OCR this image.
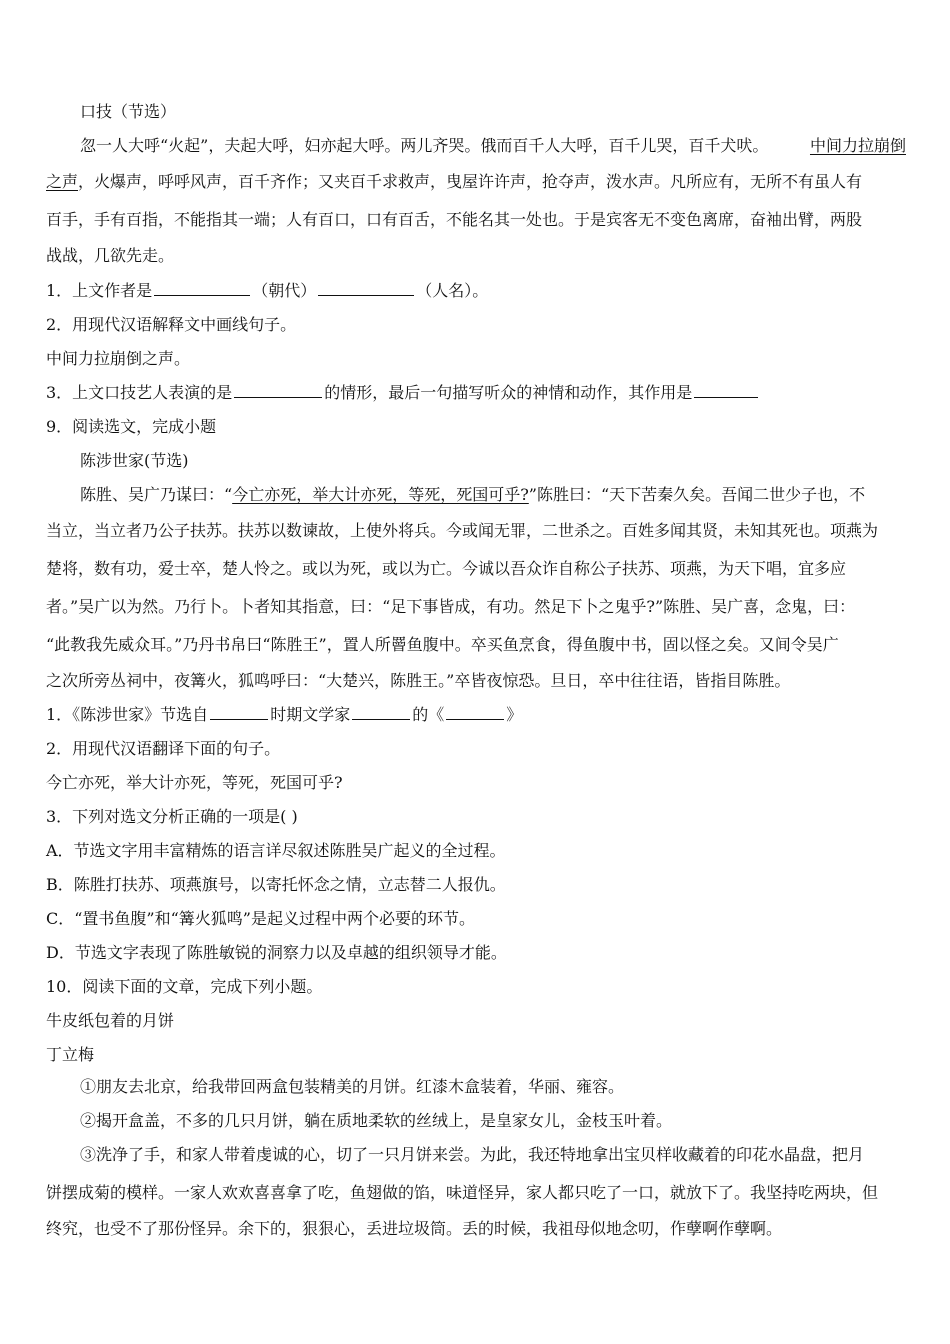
口技（节选）
忽一人大呼“火起”，夫起大呼，妇亦起大呼。两儿齐哭。俄而百千人大呼，百千儿哭，百千犬吠。	中间力拉崩倒
之声，火爆声，呼呼风声，百千齐作；又夹百千求救声，曳屋许许声，抢夺声，泼水声。凡所应有，无所不有虽人有
百手，手有百指，不能指其一端；人有百口，口有百舌，不能名其一处也。于是宾客无不变色离席，奋袖出臂，两股
战战，几欲先走。
1．上文作者是	（朝代）	（人名）。
2．用现代汉语解释文中画线句子。
中间力拉崩倒之声。
3．上文口技艺人表演的是	的情形，最后一句描写听众的神情和动作，其作用是
9．阅读选文，完成小题
陈涉世家(节选)
陈胜、吴广乃谋曰：“今亡亦死，举大计亦死，等死，死国可乎?”陈胜曰：“天下苦秦久矣。吾闻二世少子也，不
当立，当立者乃公子扶苏。扶苏以数谏故，上使外将兵。今或闻无罪，二世杀之。百姓多闻其贤，未知其死也。项燕为
楚将，数有功，爱士卒，楚人怜之。或以为死，或以为亡。今诚以吾众诈自称公子扶苏、项燕，为天下唱，宜多应
者。”吴广以为然。乃行卜。卜者知其指意，曰：“足下事皆成，有功。然足下卜之鬼乎?”陈胜、吴广喜，念鬼，曰：
“此教我先威众耳。”乃丹书帛曰“陈胜王”，置人所罾鱼腹中。卒买鱼烹食，得鱼腹中书，固以怪之矣。又间令吴广
之次所旁丛祠中，夜篝火，狐鸣呼曰：“大楚兴，陈胜王。”卒皆夜惊恐。旦日，卒中往往语，皆指目陈胜。
1．《陈涉世家》节选自	时期文学家	的《	》
2．用现代汉语翻译下面的句子。
今亡亦死，举大计亦死，等死，死国可乎?
3．下列对选文分析正确的一项是( )
A．节选文字用丰富精炼的语言详尽叙述陈胜吴广起义的全过程。
B．陈胜打扶苏、项燕旗号，以寄托怀念之情，立志替二人报仇。
C．“置书鱼腹”和“篝火狐鸣”是起义过程中两个必要的环节。
D．节选文字表现了陈胜敏锐的洞察力以及卓越的组织领导才能。
10．阅读下面的文章，完成下列小题。
牛皮纸包着的月饼
丁立梅
①朋友去北京，给我带回两盒包装精美的月饼。红漆木盒装着，华丽、雍容。
②揭开盒盖，不多的几只月饼，躺在质地柔软的丝绒上，是皇家女儿，金枝玉叶着。
③洗净了手，和家人带着虔诚的心，切了一只月饼来尝。为此，我还特地拿出宝贝样收藏着的印花水晶盘，把月
饼摆成菊的模样。一家人欢欢喜喜拿了吃，鱼翅做的馅，味道怪异，家人都只吃了一口，就放下了。我坚持吃两块，但
终究，也受不了那份怪异。余下的，狠狠心，丢进垃圾筒。丢的时候，我祖母似地念叨，作孽啊作孽啊。
